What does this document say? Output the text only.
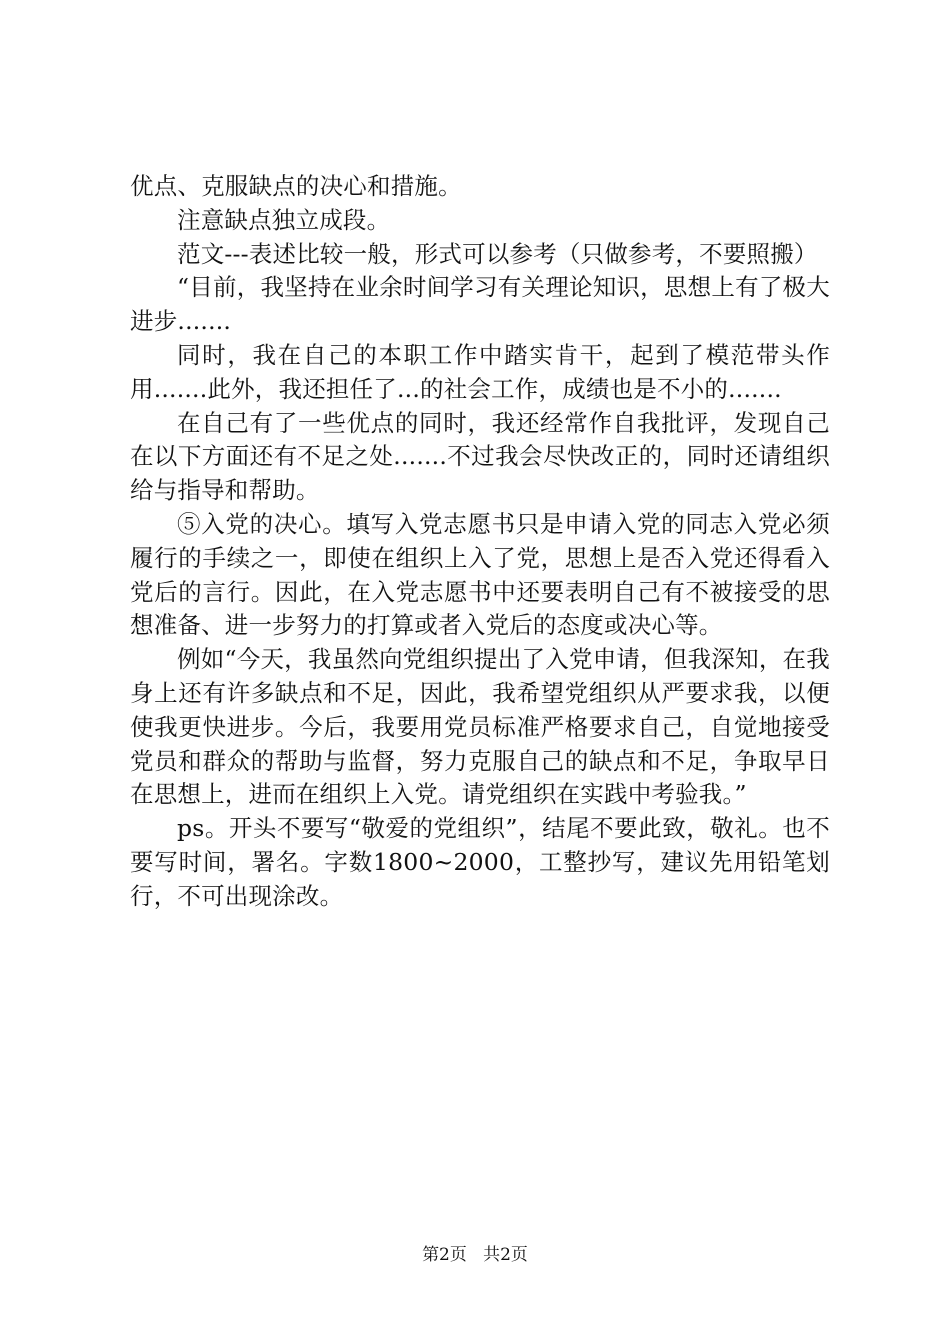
优点、克服缺点的决心和措施。

注意缺点独立成段。

范文---表述比较一般，形式可以参考（只做参考，不要照搬）

“目前，我坚持在业余时间学习有关理论知识，思想上有了极大进步.......

同时，我在自己的本职工作中踏实肯干，起到了模范带头作用.......此外，我还担任了...的社会工作，成绩也是不小的.......

在自己有了一些优点的同时，我还经常作自我批评，发现自己在以下方面还有不足之处.......不过我会尽快改正的，同时还请组织给与指导和帮助。

⑤入党的决心。填写入党志愿书只是申请入党的同志入党必须履行的手续之一，即使在组织上入了党，思想上是否入党还得看入党后的言行。因此，在入党志愿书中还要表明自己有不被接受的思想准备、进一步努力的打算或者入党后的态度或决心等。

例如“今天，我虽然向党组织提出了入党申请，但我深知，在我身上还有许多缺点和不足，因此，我希望党组织从严要求我，以便使我更快进步。今后，我要用党员标准严格要求自己，自觉地接受党员和群众的帮助与监督，努力克服自己的缺点和不足，争取早日在思想上，进而在组织上入党。请党组织在实践中考验我。”

ps。开头不要写“敬爱的党组织”，结尾不要此致，敬礼。也不要写时间，署名。字数1800~2000，工整抄写，建议先用铅笔划行，不可出现涂改。

第2页 共2页
